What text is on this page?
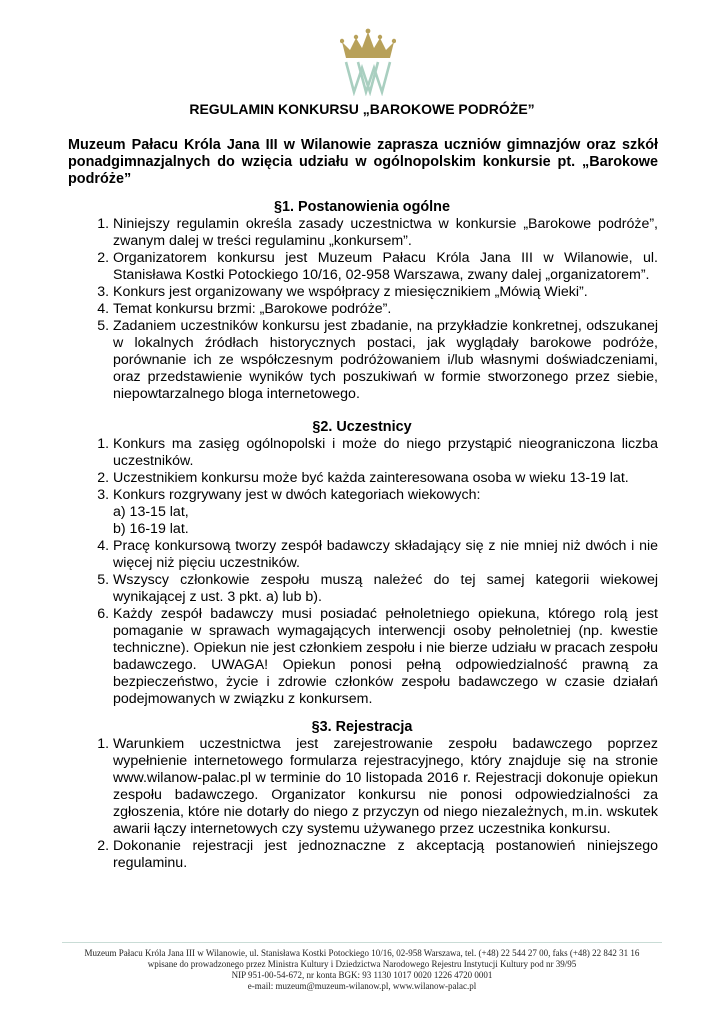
REGULAMIN KONKURSU „BAROKOWE PODRÓŻE”
Muzeum Pałacu Króla Jana III w Wilanowie zaprasza uczniów gimnazjów oraz szkół ponadgimnazjalnych do wzięcia udziału w ogólnopolskim konkursie pt. „Barokowe podróże”
§1. Postanowienia ogólne
1. Niniejszy regulamin określa zasady uczestnictwa w konkursie „Barokowe podróże”, zwanym dalej w treści regulaminu „konkursem”.
2. Organizatorem konkursu jest Muzeum Pałacu Króla Jana III w Wilanowie, ul. Stanisława Kostki Potockiego 10/16, 02-958 Warszawa, zwany dalej „organizatorem”.
3. Konkurs jest organizowany we współpracy z miesięcznikiem „Mówią Wieki”.
4. Temat konkursu brzmi: „Barokowe podróże”.
5. Zadaniem uczestników konkursu jest zbadanie, na przykładzie konkretnej, odszukanej w lokalnych źródłach historycznych postaci, jak wyglądały barokowe podróże, porównanie ich ze współczesnym podróżowaniem i/lub własnymi doświadczeniami, oraz przedstawienie wyników tych poszukiwań w formie stworzonego przez siebie, niepowtarzalnego bloga internetowego.
§2. Uczestnicy
1. Konkurs ma zasięg ogólnopolski i może do niego przystąpić nieograniczona liczba uczestników.
2. Uczestnikiem konkursu może być każda zainteresowana osoba w wieku 13-19 lat.
3. Konkurs rozgrywany jest w dwóch kategoriach wiekowych:
a) 13-15 lat,
b) 16-19 lat.
4. Pracę konkursową tworzy zespół badawczy składający się z nie mniej niż dwóch i nie więcej niż pięciu uczestników.
5. Wszyscy członkowie zespołu muszą należeć do tej samej kategorii wiekowej wynikającej z ust. 3 pkt. a) lub b).
6. Każdy zespół badawczy musi posiadać pełnoletniego opiekuna, którego rolą jest pomaganie w sprawach wymagających interwencji osoby pełnoletniej (np. kwestie techniczne). Opiekun nie jest członkiem zespołu i nie bierze udziału w pracach zespołu badawczego. UWAGA! Opiekun ponosi pełną odpowiedzialność prawną za bezpieczeństwo, życie i zdrowie członków zespołu badawczego w czasie działań podejmowanych w związku z konkursem.
§3. Rejestracja
1. Warunkiem uczestnictwa jest zarejestrowanie zespołu badawczego poprzez wypełnienie internetowego formularza rejestracyjnego, który znajduje się na stronie www.wilanow-palac.pl w terminie do 10 listopada 2016 r. Rejestracji dokonuje opiekun zespołu badawczego. Organizator konkursu nie ponosi odpowiedzialności za zgłoszenia, które nie dotarły do niego z przyczyn od niego niezależnych, m.in. wskutek awarii łączy internetowych czy systemu używanego przez uczestnika konkursu.
2. Dokonanie rejestracji jest jednoznaczne z akceptacją postanowień niniejszego regulaminu.
Muzeum Pałacu Króla Jana III w Wilanowie, ul. Stanisława Kostki Potockiego 10/16, 02-958 Warszawa, tel. (+48) 22 544 27 00, faks (+48) 22 842 31 16
wpisane do prowadzonego przez Ministra Kultury i Dziedzictwa Narodowego Rejestru Instytucji Kultury pod nr 39/95
NIP 951-00-54-672, nr konta BGK: 93 1130 1017 0020 1226 4720 0001
e-mail: muzeum@muzeum-wilanow.pl, www.wilanow-palac.pl
